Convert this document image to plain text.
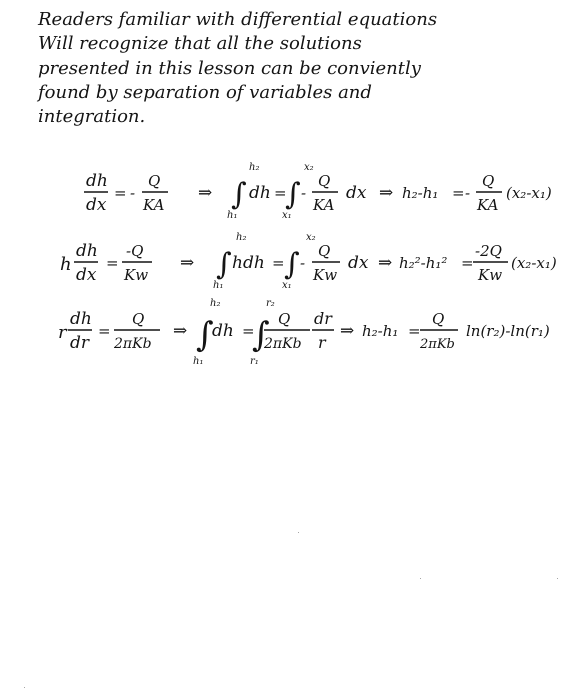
Readers familiar with differential equations
Will recognize that all the solutions
presented in this lesson can be conviently
found by separation of variables and
integration.
dh
dx
= -
Q
KA
⇒
h₂
∫
h₁
dh =
x₂
∫
x₁
-
Q
KA
dx ⇒ h₂-h₁ = -
Q
KA
(x₂-x₁)
h
dh
dx
=
-Q
Kw
⇒
h₂
∫
h₁
hdh =
x₂
∫
x₁
-
Q
Kw
dx ⇒ h₂²-h₁² =
-2Q
Kw
(x₂-x₁)
r
dh
dr
=
Q
2πKb
⇒
h₂
∫
h₁
dh =
r₂
∫
r₁
Q
2πKb
dr
r
⇒ h₂-h₁ =
Q
2πKb
ln(r₂)-ln(r₁)
